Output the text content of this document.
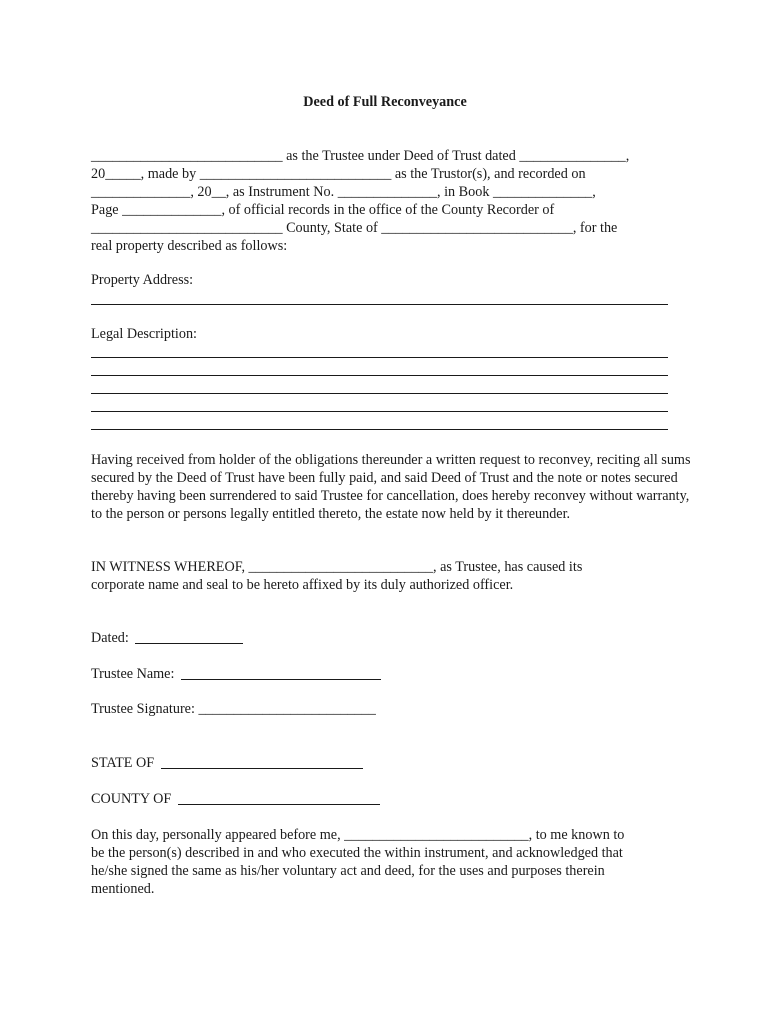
Deed of Full Reconveyance
___________________________ as the Trustee under Deed of Trust dated _______________,
20_____, made by ___________________________ as the Trustor(s), and recorded on
______________, 20__, as Instrument No. ______________, in Book ______________,
Page ______________, of official records in the office of the County Recorder of
___________________________ County, State of ___________________________, for the
real property described as follows:
Property Address:
Legal Description:
Having received from holder of the obligations thereunder a written request to reconvey, reciting all sums secured by the Deed of Trust have been fully paid, and said Deed of Trust and the note or notes secured thereby having been surrendered to said Trustee for cancellation, does hereby reconvey without warranty, to the person or persons legally entitled thereto, the estate now held by it thereunder.
IN WITNESS WHEREOF, __________________________, as Trustee, has caused its
corporate name and seal to be hereto affixed by its duly authorized officer.
Dated:
Trustee Name:
Trustee Signature: _________________________
STATE OF
COUNTY OF
On this day, personally appeared before me, __________________________, to me known to
be the person(s) described in and who executed the within instrument, and acknowledged that
he/she signed the same as his/her voluntary act and deed, for the uses and purposes therein
mentioned.
